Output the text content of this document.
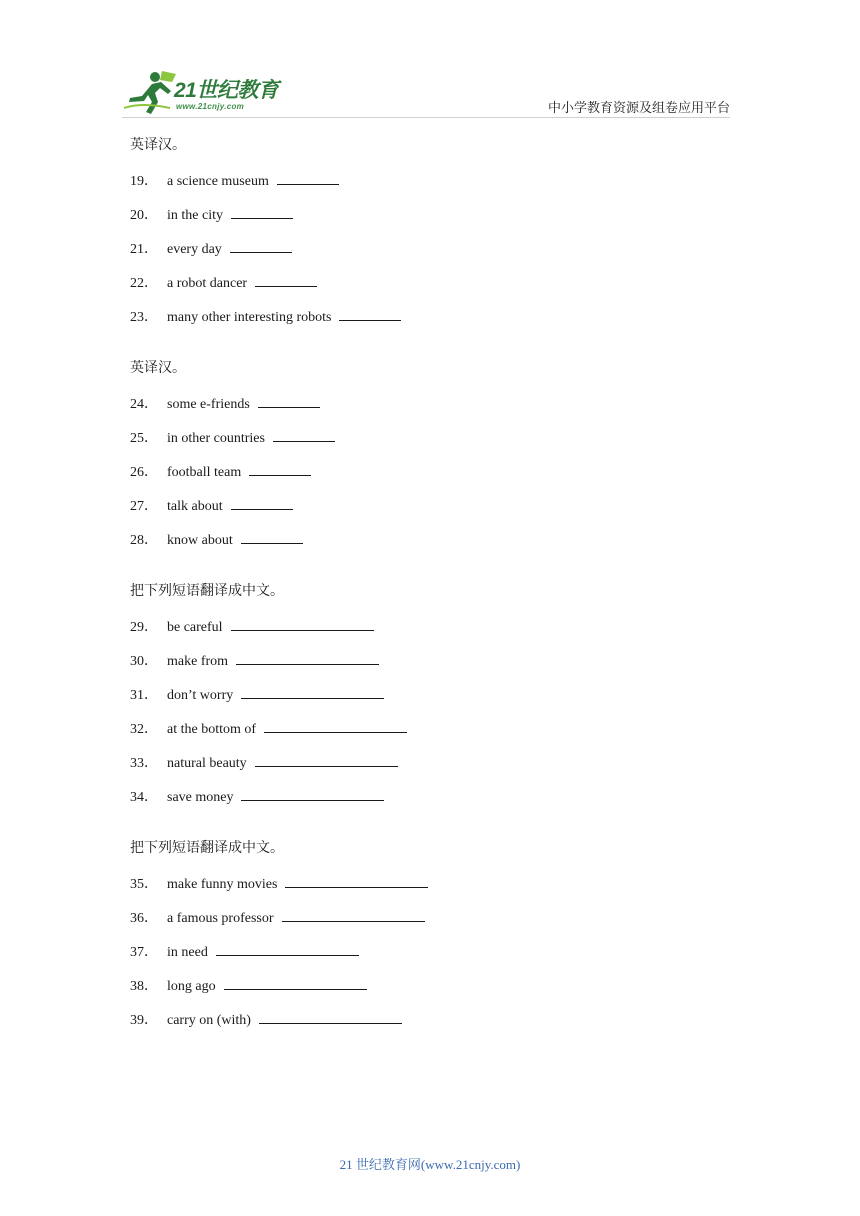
21世纪教育
www.21cnjy.com	中小学教育资源及组卷应用平台
英译汉。
19． a science museum
20． in the city
21． every day
22． a robot dancer
23． many other interesting robots
英译汉。
24． some e-friends
25． in other countries
26． football team
27． talk about
28． know about
把下列短语翻译成中文。
29． be careful
30． make from
31． don’t worry
32． at the bottom of
33． natural beauty
34． save money
把下列短语翻译成中文。
35． make funny movies
36． a famous professor
37． in need
38． long ago
39． carry on (with)
21 世纪教育网(www.21cnjy.com)
